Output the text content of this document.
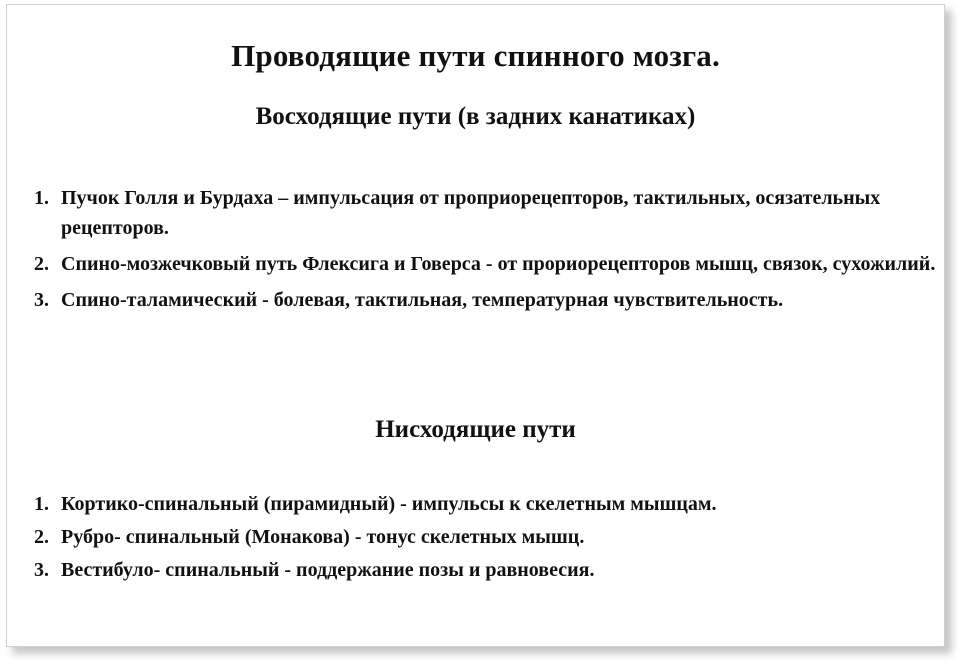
Проводящие пути спинного мозга.
Восходящие пути (в задних канатиках)
1. Пучок Голля и Бурдаха – импульсация от проприорецепторов, тактильных, осязательных рецепторов.
2. Спино-мозжечковый путь Флексига и Говерса - от прориорецепторов мышц, связок, сухожилий.
3. Спино-таламический - болевая, тактильная, температурная чувствительность.
Нисходящие пути
1. Кортико-спинальный (пирамидный) - импульсы к скелетным мышцам.
2. Рубро- спинальный (Монакова) - тонус скелетных мышц.
3. Вестибуло- спинальный - поддержание позы и равновесия.
